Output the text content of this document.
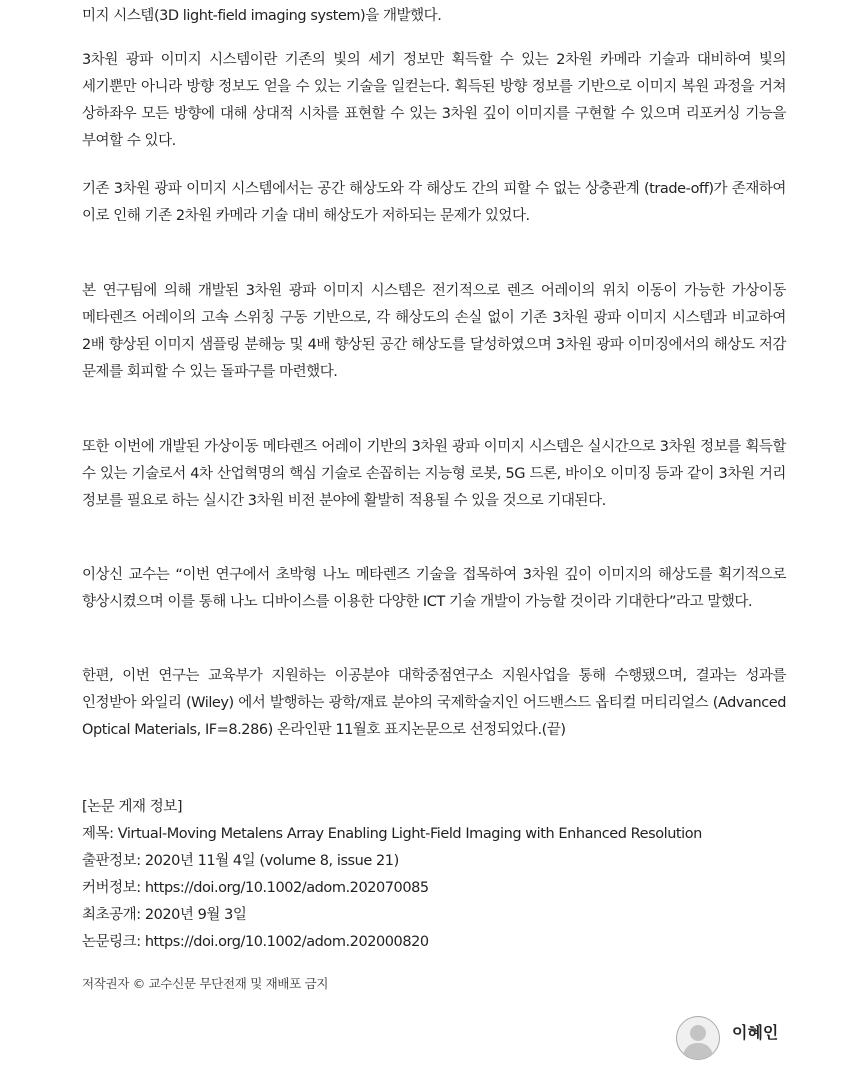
미지 시스템(3D light-field imaging system)을 개발했다.

3차원 광파 이미지 시스템이란 기존의 빛의 세기 정보만 획득할 수 있는 2차원 카메라 기술과 대비하여 빛의 세기뿐만 아니라 방향 정보도 얻을 수 있는 기술을 일컫는다. 획득된 방향 정보를 기반으로 이미지 복원 과정을 거쳐 상하좌우 모든 방향에 대해 상대적 시차를 표현할 수 있는 3차원 깊이 이미지를 구현할 수 있으며 리포커싱 기능을 부여할 수 있다.

기존 3차원 광파 이미지 시스템에서는 공간 해상도와 각 해상도 간의 피할 수 없는 상충관계 (trade-off)가 존재하여 이로 인해 기존 2차원 카메라 기술 대비 해상도가 저하되는 문제가 있었다.

본 연구팀에 의해 개발된 3차원 광파 이미지 시스템은 전기적으로 렌즈 어레이의 위치 이동이 가능한 가상이동 메타렌즈 어레이의 고속 스위칭 구동 기반으로, 각 해상도의 손실 없이 기존 3차원 광파 이미지 시스템과 비교하여 2배 향상된 이미지 샘플링 분해능 및 4배 향상된 공간 해상도를 달성하였으며 3차원 광파 이미징에서의 해상도 저감 문제를 회피할 수 있는 돌파구를 마련했다.

또한 이번에 개발된 가상이동 메타렌즈 어레이 기반의 3차원 광파 이미지 시스템은 실시간으로 3차원 정보를 획득할 수 있는 기술로서 4차 산업혁명의 핵심 기술로 손꼽히는 지능형 로봇, 5G 드론, 바이오 이미징 등과 같이 3차원 거리 정보를 필요로 하는 실시간 3차원 비전 분야에 활발히 적용될 수 있을 것으로 기대된다.

이상신 교수는 “이번 연구에서 초박형 나노 메타렌즈 기술을 접목하여 3차원 깊이 이미지의 해상도를 획기적으로 향상시켰으며 이를 통해 나노 디바이스를 이용한 다양한 ICT 기술 개발이 가능할 것이라 기대한다”라고 말했다.

한편, 이번 연구는 교육부가 지원하는 이공분야 대학중점연구소 지원사업을 통해 수행됐으며, 결과는 성과를 인정받아 와일리 (Wiley) 에서 발행하는 광학/재료 분야의 국제학술지인 어드밴스드 옵티컬 머티리얼스 (Advanced Optical Materials, IF=8.286) 온라인판 11월호 표지논문으로 선정되었다.(끝)

[논문 게재 정보]
제목: Virtual-Moving Metalens Array Enabling Light-Field Imaging with Enhanced Resolution
출판정보: 2020년 11월 4일 (volume 8, issue 21)
커버정보: https://doi.org/10.1002/adom.202070085
최초공개: 2020년 9월 3일
논문링크: https://doi.org/10.1002/adom.202000820
저작권자 © 교수신문 무단전재 및 재배포 금지
이혜인
